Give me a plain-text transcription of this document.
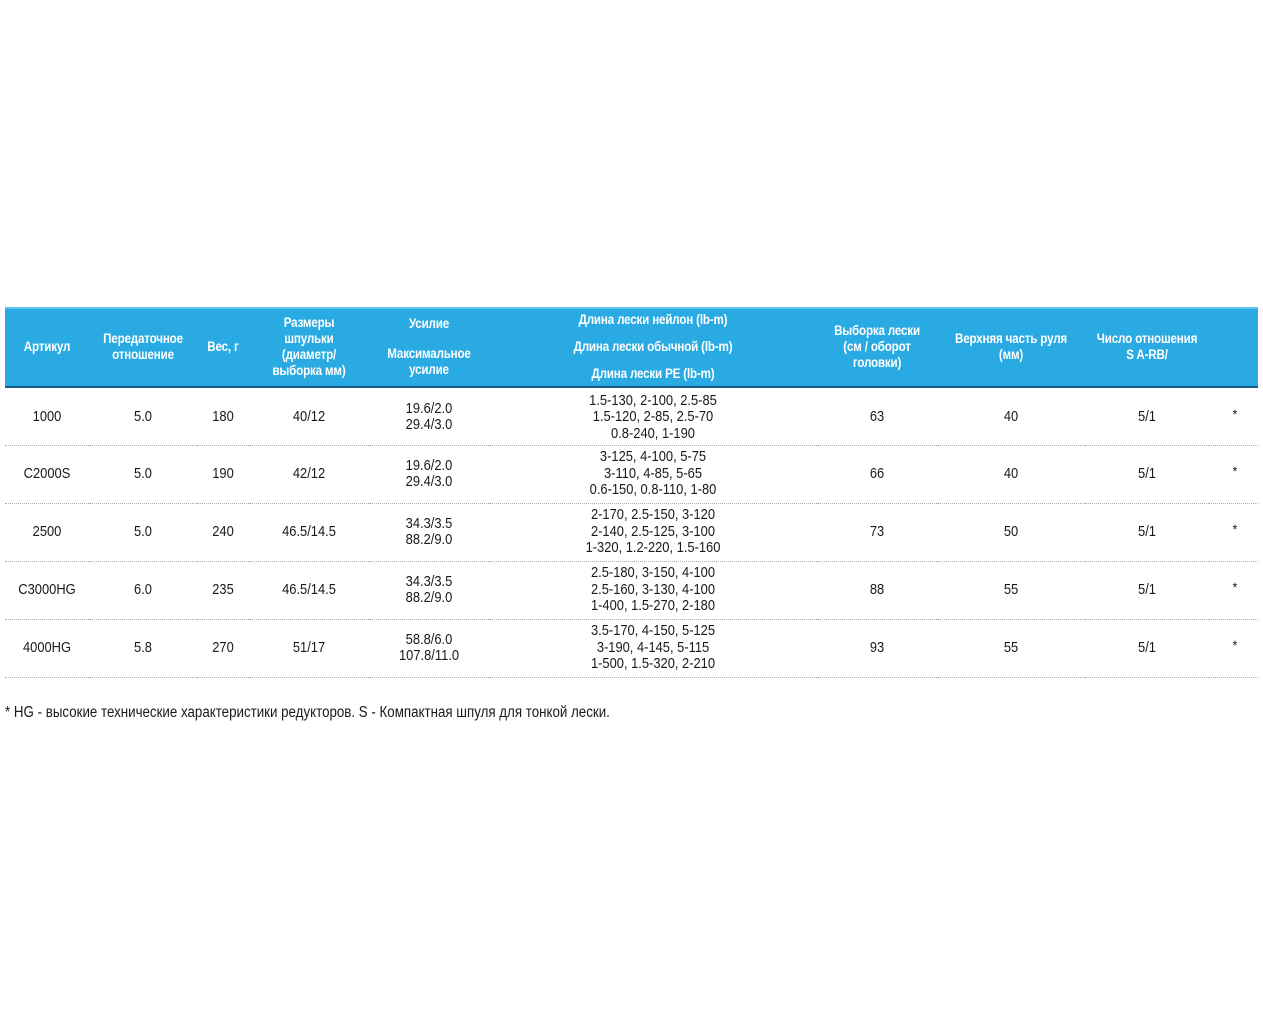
Артикул	Передаточное
отношение	Вес, г	Размеры шпульки
(диаметр/
выборка мм)	Усилие
Максимальное
усилие	Длина лески нейлон (lb-m)
Длина лески обычной (lb-m)
Длина лески PE (lb-m)	Выборка лески
(см / оборот
головки)	Верхняя часть руля
(мм)	Число отношения
S A-RB/	

1000	5.0	180	40/12	19.6/2.0
29.4/3.0	1.5-130, 2-100, 2.5-85
1.5-120, 2-85, 2.5-70
0.8-240, 1-190	63	40	5/1	*
C2000S	5.0	190	42/12	19.6/2.0
29.4/3.0	3-125, 4-100, 5-75
3-110, 4-85, 5-65
0.6-150, 0.8-110, 1-80	66	40	5/1	*
2500	5.0	240	46.5/14.5	34.3/3.5
88.2/9.0	2-170, 2.5-150, 3-120
2-140, 2.5-125, 3-100
1-320, 1.2-220, 1.5-160	73	50	5/1	*
C3000HG	6.0	235	46.5/14.5	34.3/3.5
88.2/9.0	2.5-180, 3-150, 4-100
2.5-160, 3-130, 4-100
1-400, 1.5-270, 2-180	88	55	5/1	*
4000HG	5.8	270	51/17	58.8/6.0
107.8/11.0	3.5-170, 4-150, 5-125
3-190, 4-145, 5-115
1-500, 1.5-320, 2-210	93	55	5/1	*
* HG - высокие технические характеристики редукторов. S - Компактная шпуля для тонкой лески.
